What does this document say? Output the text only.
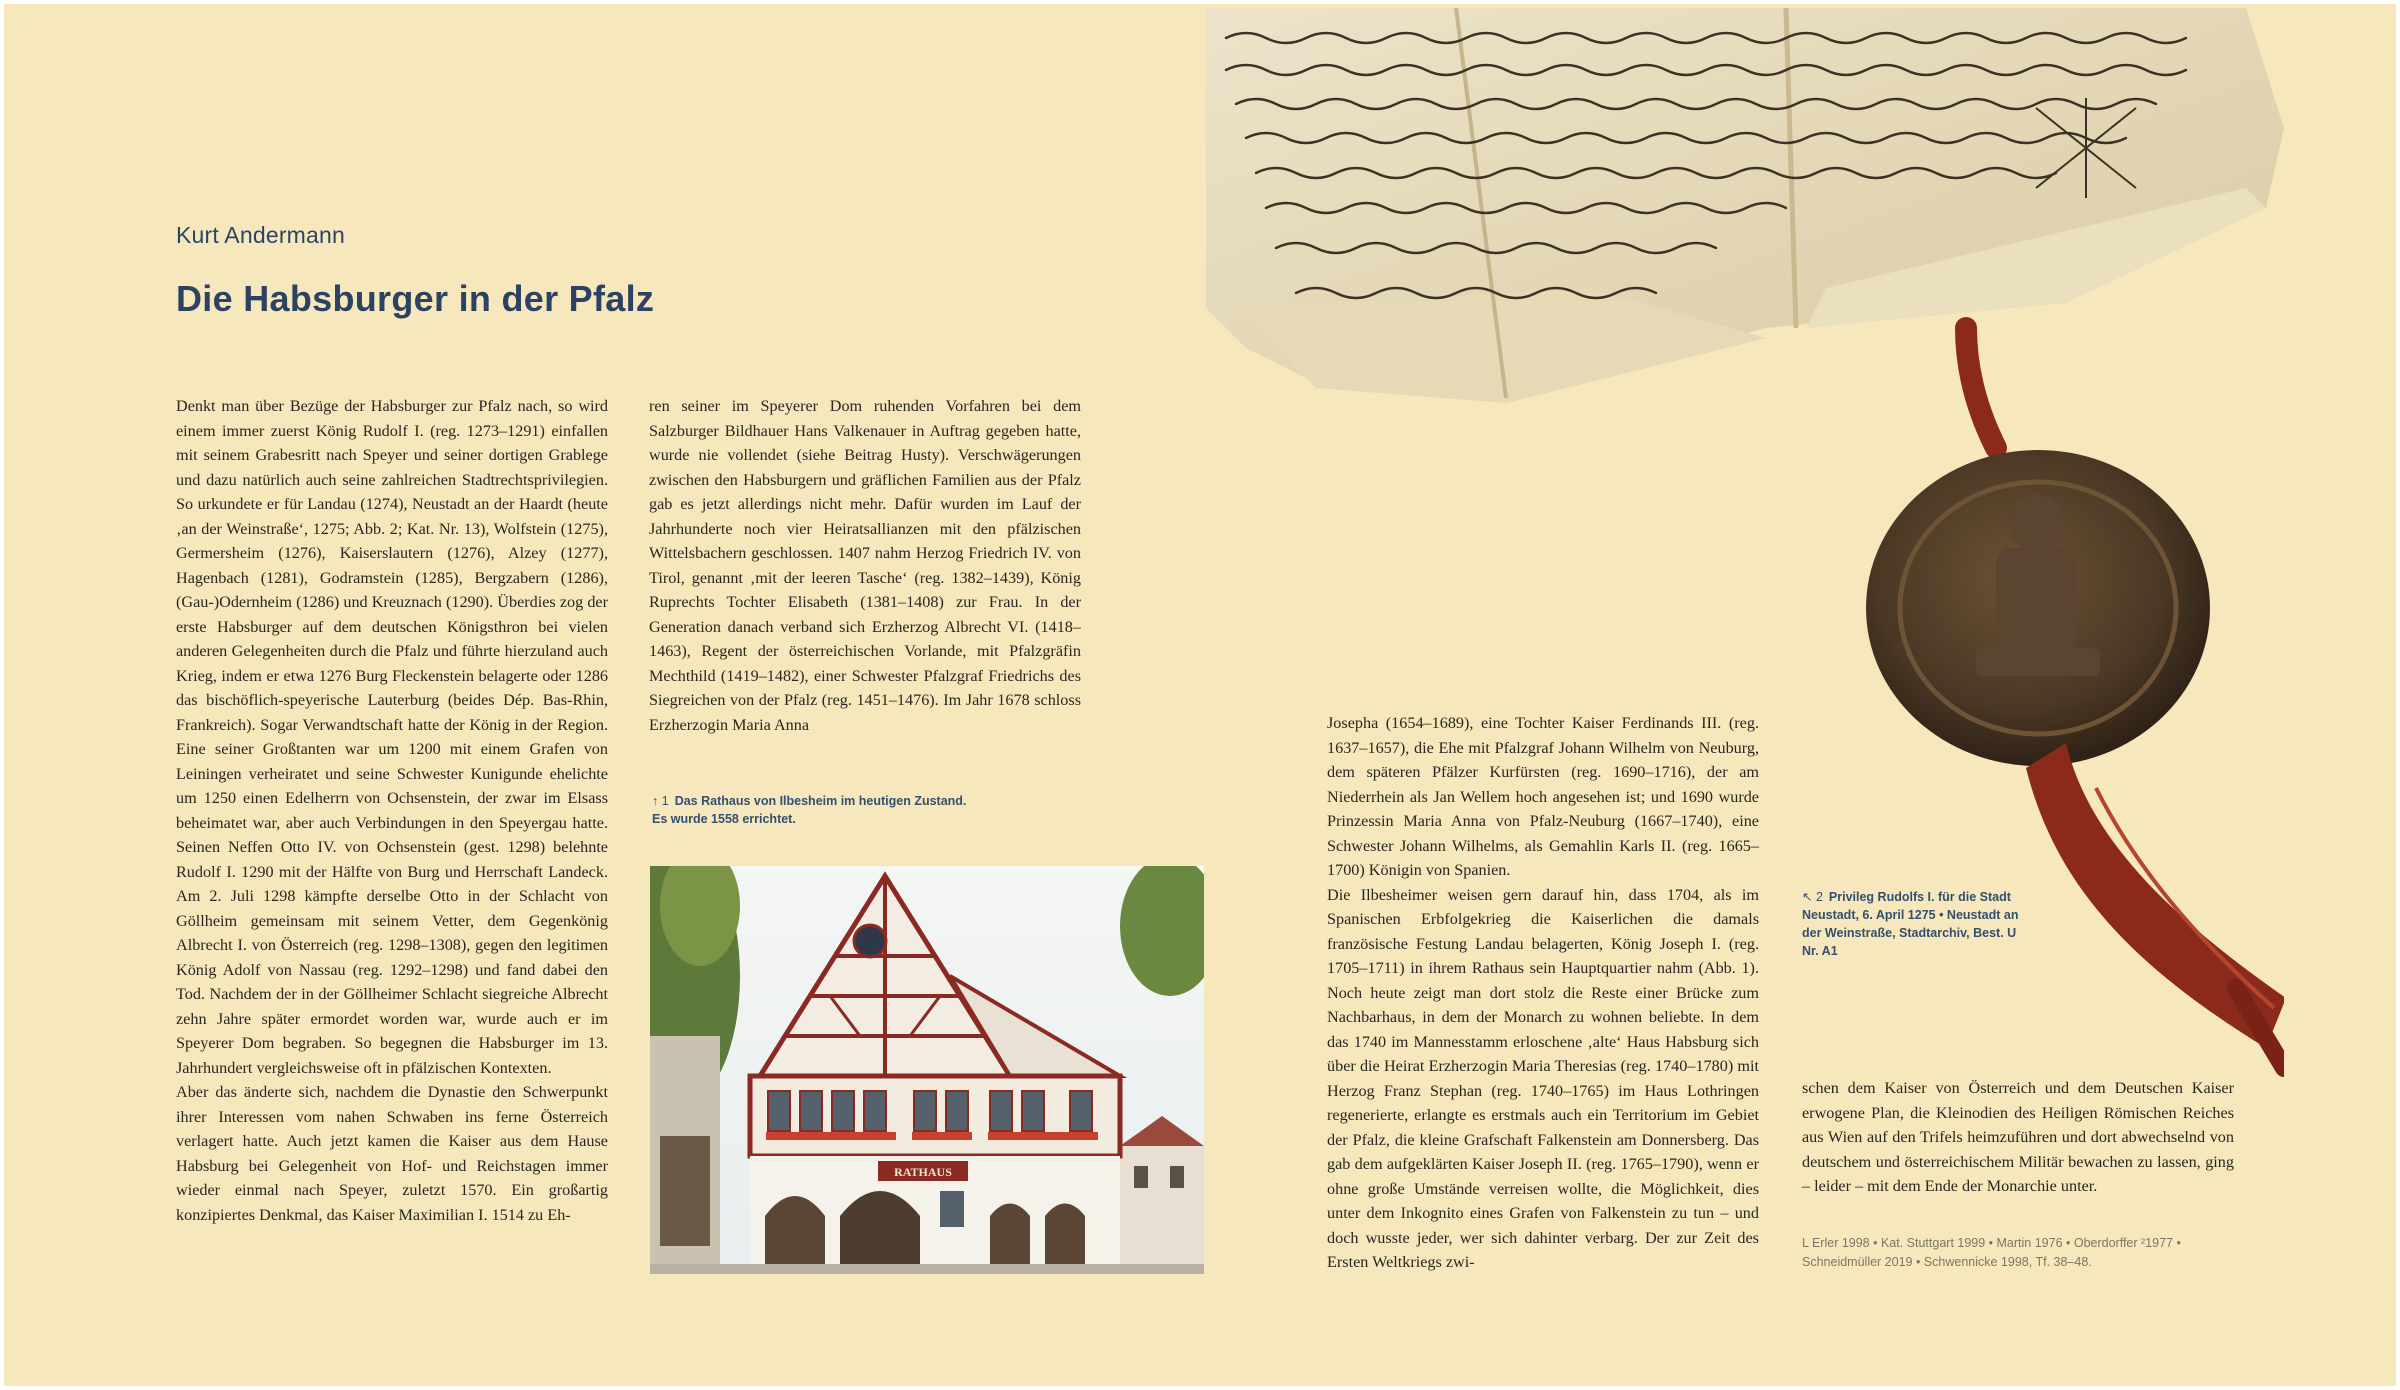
Kurt Andermann
Die Habsburger in der Pfalz

Denkt man über Bezüge der Habsburger zur Pfalz nach, so wird einem immer zuerst König Rudolf I. (reg. 1273–1291) einfallen mit seinem Grabesritt nach Speyer und seiner dortigen Grablege und dazu natürlich auch seine zahlreichen Stadtrechtsprivilegien. So urkundete er für Landau (1274), Neustadt an der Haardt (heute ‚an der Weinstraße‘, 1275; Abb. 2; Kat. Nr. 13), Wolfstein (1275), Germersheim (1276), Kaiserslautern (1276), Alzey (1277), Hagenbach (1281), Godramstein (1285), Bergzabern (1286), (Gau-)Odernheim (1286) und Kreuznach (1290). Überdies zog der erste Habsburger auf dem deutschen Königsthron bei vielen anderen Gelegenheiten durch die Pfalz und führte hierzuland auch Krieg, indem er etwa 1276 Burg Fleckenstein belagerte oder 1286 das bischöflich-speyerische Lauterburg (beides Dép. Bas-Rhin, Frankreich). Sogar Verwandtschaft hatte der König in der Region. Eine seiner Großtanten war um 1200 mit einem Grafen von Leiningen verheiratet und seine Schwester Kunigunde ehelichte um 1250 einen Edelherrn von Ochsenstein, der zwar im Elsass beheimatet war, aber auch Verbindungen in den Speyergau hatte. Seinen Neffen Otto IV. von Ochsenstein (gest. 1298) belehnte Rudolf I. 1290 mit der Hälfte von Burg und Herrschaft Landeck. Am 2. Juli 1298 kämpfte derselbe Otto in der Schlacht von Göllheim gemeinsam mit seinem Vetter, dem Gegenkönig Albrecht I. von Österreich (reg. 1298–1308), gegen den legitimen König Adolf von Nassau (reg. 1292–1298) und fand dabei den Tod. Nachdem der in der Göllheimer Schlacht siegreiche Albrecht zehn Jahre später ermordet worden war, wurde auch er im Speyerer Dom begraben. So begegnen die Habsburger im 13. Jahrhundert vergleichsweise oft in pfälzischen Kontexten.

Aber das änderte sich, nachdem die Dynastie den Schwerpunkt ihrer Interessen vom nahen Schwaben ins ferne Österreich verlagert hatte. Auch jetzt kamen die Kaiser aus dem Hause Habsburg bei Gelegenheit von Hof- und Reichstagen immer wieder einmal nach Speyer, zuletzt 1570. Ein großartig konzipiertes Denkmal, das Kaiser Maximilian I. 1514 zu Eh-

ren seiner im Speyerer Dom ruhenden Vorfahren bei dem Salzburger Bildhauer Hans Valkenauer in Auftrag gegeben hatte, wurde nie vollendet (siehe Beitrag Husty). Verschwägerungen zwischen den Habsburgern und gräflichen Familien aus der Pfalz gab es jetzt allerdings nicht mehr. Dafür wurden im Lauf der Jahrhunderte noch vier Heiratsallianzen mit den pfälzischen Wittelsbachern geschlossen. 1407 nahm Herzog Friedrich IV. von Tirol, genannt ‚mit der leeren Tasche‘ (reg. 1382–1439), König Ruprechts Tochter Elisabeth (1381–1408) zur Frau. In der Generation danach verband sich Erzherzog Albrecht VI. (1418–1463), Regent der österreichischen Vorlande, mit Pfalzgräfin Mechthild (1419–1482), einer Schwester Pfalzgraf Friedrichs des Siegreichen von der Pfalz (reg. 1451–1476). Im Jahr 1678 schloss Erzherzogin Maria Anna

↑ 1 Das Rathaus von Ilbesheim im heutigen Zustand. Es wurde 1558 errichtet.
RATHAUS
↖ 2 Privileg Rudolfs I. für die Stadt Neustadt, 6. April 1275 • Neustadt an der Weinstraße, Stadtarchiv, Best. U Nr. A1

Josepha (1654–1689), eine Tochter Kaiser Ferdinands III. (reg. 1637–1657), die Ehe mit Pfalzgraf Johann Wilhelm von Neuburg, dem späteren Pfälzer Kurfürsten (reg. 1690–1716), der am Niederrhein als Jan Wellem hoch angesehen ist; und 1690 wurde Prinzessin Maria Anna von Pfalz-Neuburg (1667–1740), eine Schwester Johann Wilhelms, als Gemahlin Karls II. (reg. 1665–1700) Königin von Spanien.

Die Ilbesheimer weisen gern darauf hin, dass 1704, als im Spanischen Erbfolgekrieg die Kaiserlichen die damals französische Festung Landau belagerten, König Joseph I. (reg. 1705–1711) in ihrem Rathaus sein Hauptquartier nahm (Abb. 1). Noch heute zeigt man dort stolz die Reste einer Brücke zum Nachbarhaus, in dem der Monarch zu wohnen beliebte. In dem das 1740 im Mannesstamm erloschene ‚alte‘ Haus Habsburg sich über die Heirat Erzherzogin Maria Theresias (reg. 1740–1780) mit Herzog Franz Stephan (reg. 1740–1765) im Haus Lothringen regenerierte, erlangte es erstmals auch ein Territorium im Gebiet der Pfalz, die kleine Grafschaft Falkenstein am Donnersberg. Das gab dem aufgeklärten Kaiser Joseph II. (reg. 1765–1790), wenn er ohne große Umstände verreisen wollte, die Möglichkeit, dies unter dem Inkognito eines Grafen von Falkenstein zu tun – und doch wusste jeder, wer sich dahinter verbarg. Der zur Zeit des Ersten Weltkriegs zwi-

schen dem Kaiser von Österreich und dem Deutschen Kaiser erwogene Plan, die Kleinodien des Heiligen Römischen Reiches aus Wien auf den Trifels heimzuführen und dort abwechselnd von deutschem und österreichischem Militär bewachen zu lassen, ging – leider – mit dem Ende der Monarchie unter.

L Erler 1998 • Kat. Stuttgart 1999 • Martin 1976 • Oberdorffer ²1977 • Schneidmüller 2019 • Schwennicke 1998, Tf. 38–48.
